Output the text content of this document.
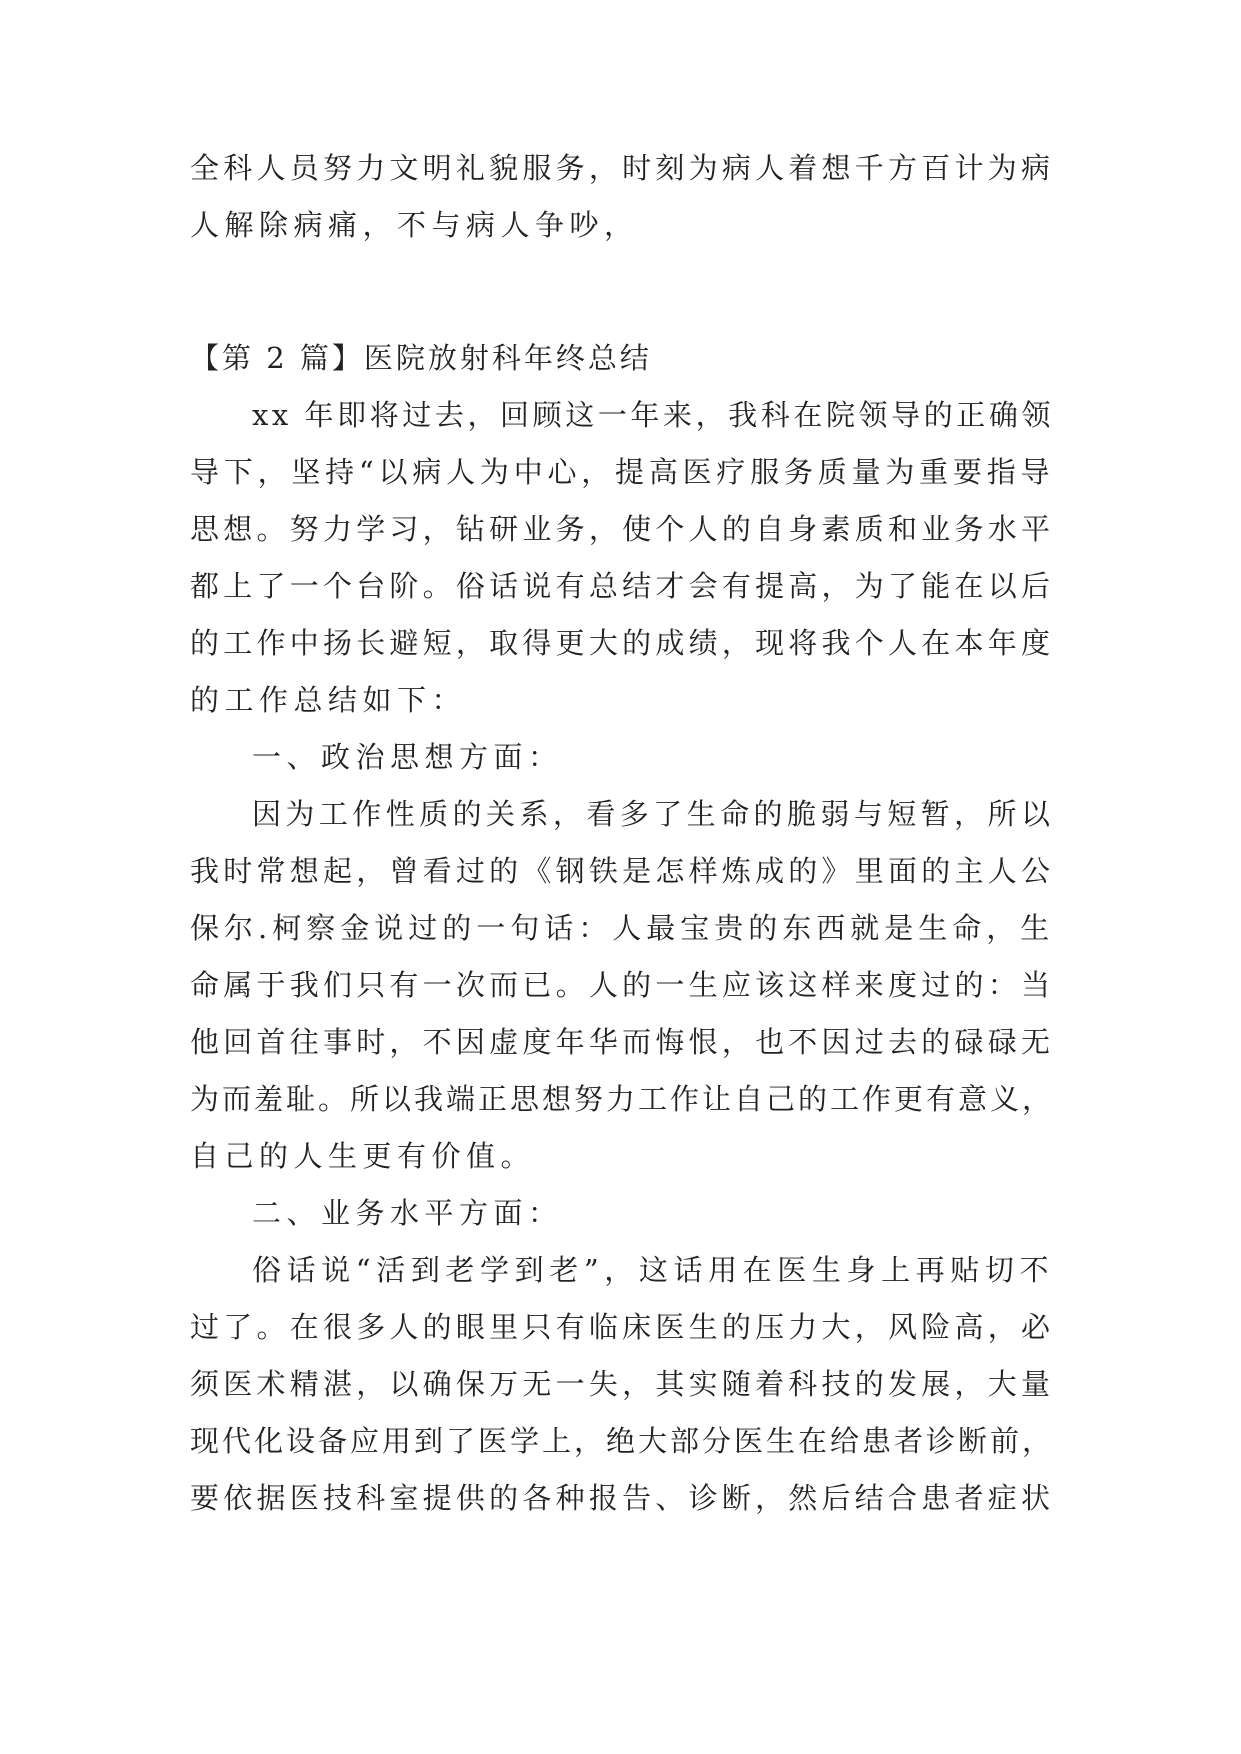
全科人员努力文明礼貌服务，时刻为病人着想千方百计为病
人解除病痛，不与病人争吵，
【第 2 篇】医院放射科年终总结
xx 年即将过去，回顾这一年来，我科在院领导的正确领
导下，坚持“以病人为中心，提高医疗服务质量为重要指导
思想。努力学习，钻研业务，使个人的自身素质和业务水平
都上了一个台阶。俗话说有总结才会有提高，为了能在以后
的工作中扬长避短，取得更大的成绩，现将我个人在本年度
的工作总结如下：
一、政治思想方面：
因为工作性质的关系，看多了生命的脆弱与短暂，所以
我时常想起，曾看过的《钢铁是怎样炼成的》里面的主人公
保尔.柯察金说过的一句话：人最宝贵的东西就是生命，生
命属于我们只有一次而已。人的一生应该这样来度过的：当
他回首往事时，不因虚度年华而悔恨，也不因过去的碌碌无
为而羞耻。所以我端正思想努力工作让自己的工作更有意义，
自己的人生更有价值。
二、业务水平方面：
俗话说“活到老学到老”，这话用在医生身上再贴切不
过了。在很多人的眼里只有临床医生的压力大，风险高，必
须医术精湛，以确保万无一失，其实随着科技的发展，大量
现代化设备应用到了医学上，绝大部分医生在给患者诊断前，
要依据医技科室提供的各种报告、诊断，然后结合患者症状
